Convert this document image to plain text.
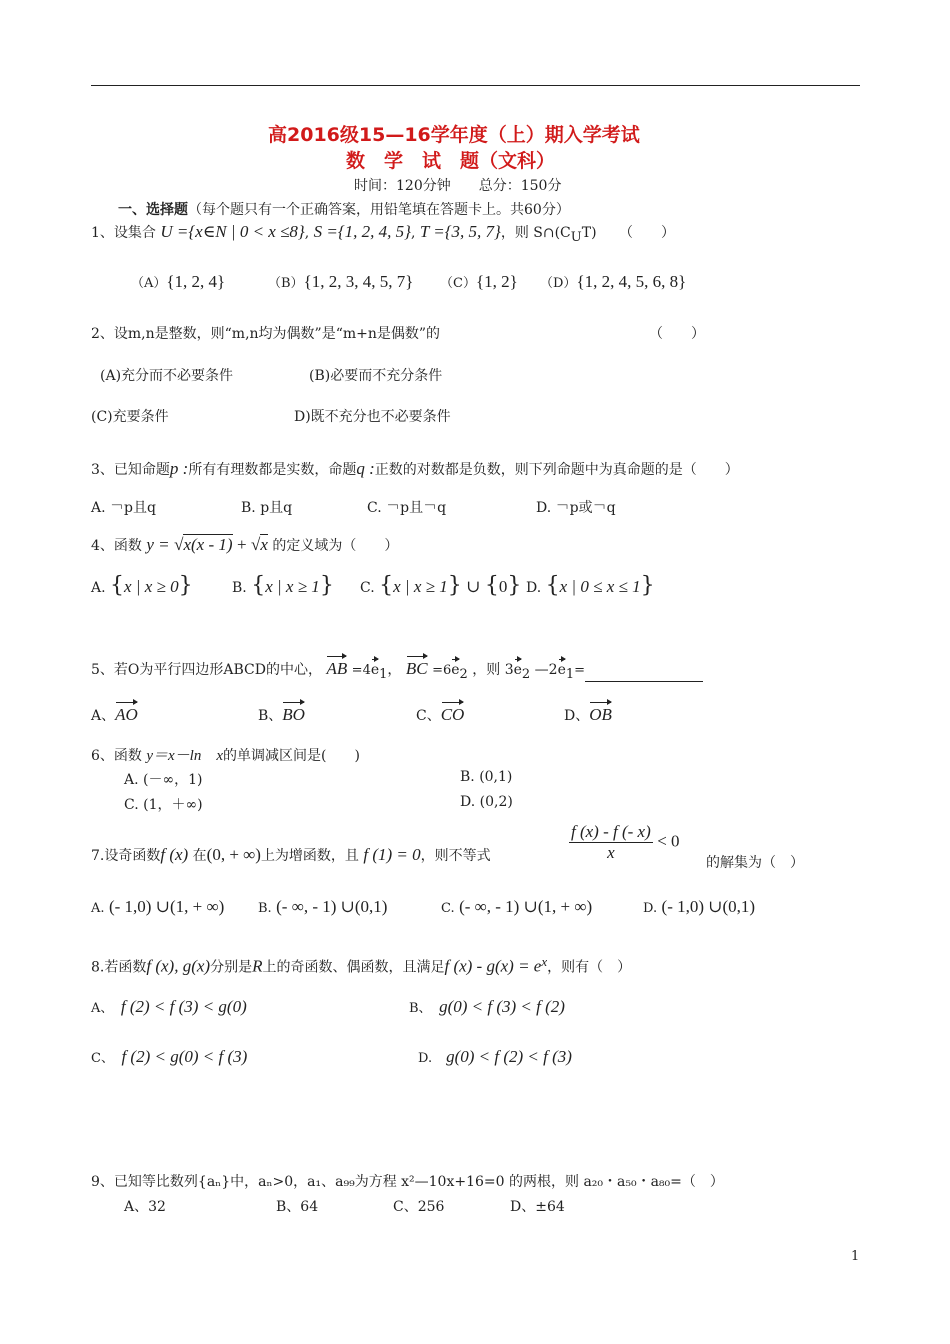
高2016级15—16学年度（上）期入学考试
数　学　试　题（文科）
时间：120分钟　　总分：150分
一、选择题（每个题只有一个正确答案，用铅笔填在答题卡上。共60分）
1、设集合 U ={x∈N | 0 < x ≤8}, S ={1, 2, 4, 5}, T ={3, 5, 7}，则 $S\cap(C_UT)$ （　　）
（A）{1, 2, 4}	（B）{1, 2, 3, 4, 5, 7} （C）{1, 2} （D）{1, 2, 4, 5, 6, 8}
2、设m,n是整数，则“m,n均为偶数”是“m+n是偶数”的	（　　）
(A)充分而不必要条件	(B)必要而不充分条件
(C)充要条件	D)既不充分也不必要条件
3、已知命题p :所有有理数都是实数，命题q :正数的对数都是负数，则下列命题中为真命题的是（　　）
A. ￢p且q	B. p且q	C. ￢p且￢q	D. ￢p或￢q
4、函数 y = √x(x - 1) + √x 的定义域为（　　）
A. {x | x ≥ 0}	B. {x | x ≥ 1} C. {x | x ≥ 1} ∪ {0} D. {x | 0 ≤ x ≤ 1}
5、若O为平行四边形ABCD的中心， AB $=4e_1$， BC $=6e_2$ ，则 $3e_2$ $—2e_1=$
A、AO	B、BO	C、CO	D、OB
6、函数 y＝x－ln　x的单调减区间是(　　)
A. (－∞，1)	B. (0,1)
C. (1，＋∞)	D. (0,2)
7.设奇函数f (x) 在(0, + ∞)上为增函数，且 f (1) = 0，则不等式	$\frac{f (x) - f (- x)}{x} < 0$
的解集为（　）
A. (- 1,0) ∪(1, + ∞)	B. (- ∞, - 1) ∪(0,1)	C. (- ∞, - 1) ∪(1, + ∞)	D. (- 1,0) ∪(0,1)
8.若函数f (x), g(x)分别是R上的奇函数、偶函数，且满足f $(x) - g(x) = e^x$，则有（　）
A、　 f (2) < f (3) < g(0)	B、　 g(0) < f (3) < f (2)
C、　 f (2) < g(0) < f (3)	D.　 g(0) < f (2) < f (3)
9、已知等比数列{aₙ}中，aₙ>0，a₁、a₉₉为方程 x²—10x+16=0 的两根，则 a₂₀・a₅₀・a₈₀=（　）
A、32	B、64	C、256	D、±64
1
